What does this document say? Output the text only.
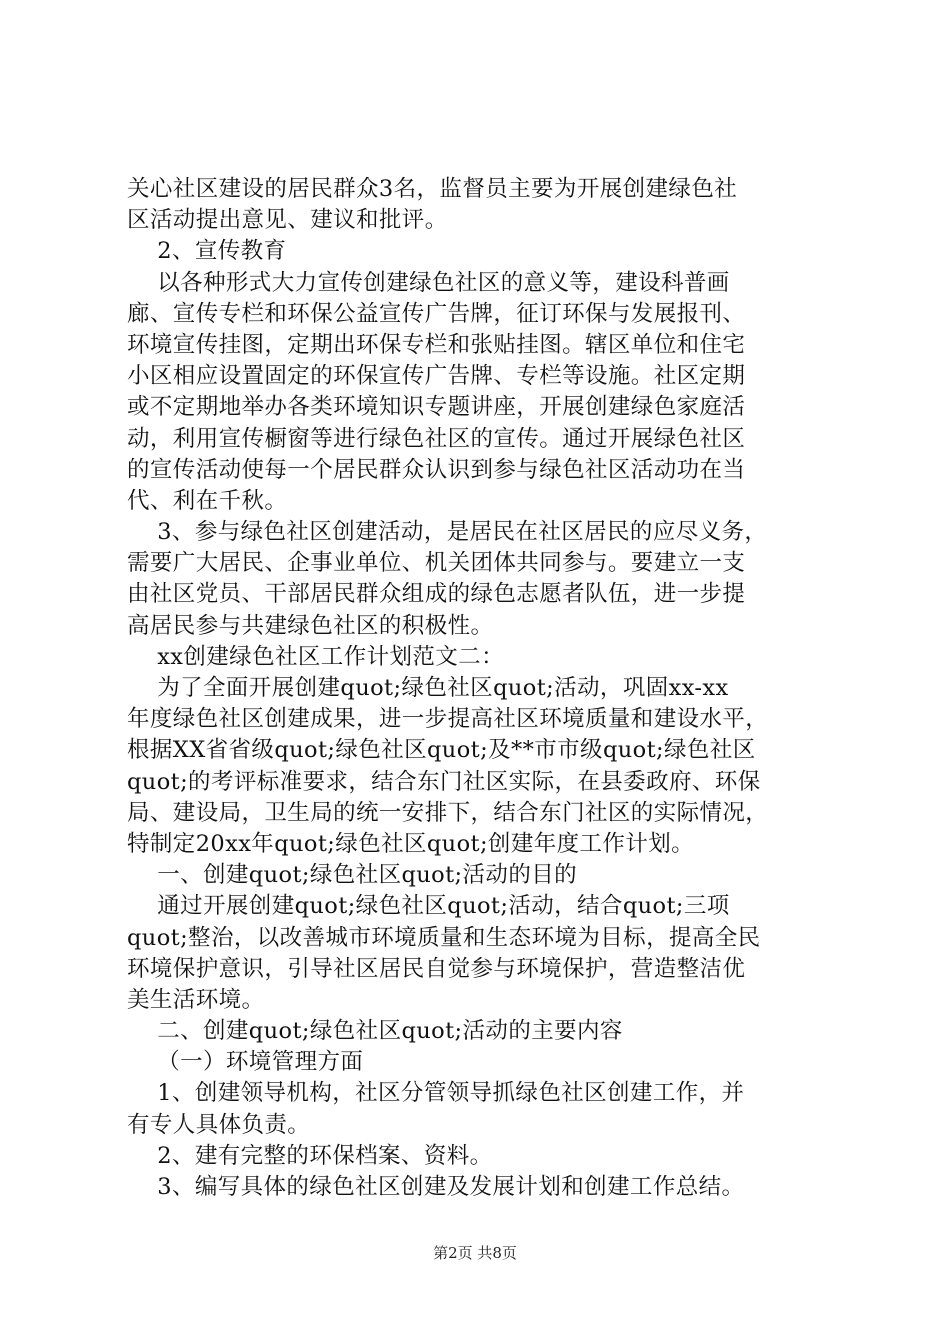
关心社区建设的居民群众3名，监督员主要为开展创建绿色社
区活动提出意见、建议和批评。
2、宣传教育
以各种形式大力宣传创建绿色社区的意义等，建设科普画
廊、宣传专栏和环保公益宣传广告牌，征订环保与发展报刊、
环境宣传挂图，定期出环保专栏和张贴挂图。辖区单位和住宅
小区相应设置固定的环保宣传广告牌、专栏等设施。社区定期
或不定期地举办各类环境知识专题讲座，开展创建绿色家庭活
动，利用宣传橱窗等进行绿色社区的宣传。通过开展绿色社区
的宣传活动使每一个居民群众认识到参与绿色社区活动功在当
代、利在千秋。
3、参与绿色社区创建活动，是居民在社区居民的应尽义务，
需要广大居民、企事业单位、机关团体共同参与。要建立一支
由社区党员、干部居民群众组成的绿色志愿者队伍，进一步提
高居民参与共建绿色社区的积极性。
xx创建绿色社区工作计划范文二：
为了全面开展创建quot;绿色社区quot;活动，巩固xx-xx
年度绿色社区创建成果，进一步提高社区环境质量和建设水平，
根据XX省省级quot;绿色社区quot;及**市市级quot;绿色社区
quot;的考评标准要求，结合东门社区实际，在县委政府、环保
局、建设局，卫生局的统一安排下，结合东门社区的实际情况，
特制定20xx年quot;绿色社区quot;创建年度工作计划。
一、创建quot;绿色社区quot;活动的目的
通过开展创建quot;绿色社区quot;活动，结合quot;三项
quot;整治，以改善城市环境质量和生态环境为目标，提高全民
环境保护意识，引导社区居民自觉参与环境保护，营造整洁优
美生活环境。
二、创建quot;绿色社区quot;活动的主要内容
（一）环境管理方面
1、创建领导机构，社区分管领导抓绿色社区创建工作，并
有专人具体负责。
2、建有完整的环保档案、资料。
3、编写具体的绿色社区创建及发展计划和创建工作总结。
第2页 共8页
